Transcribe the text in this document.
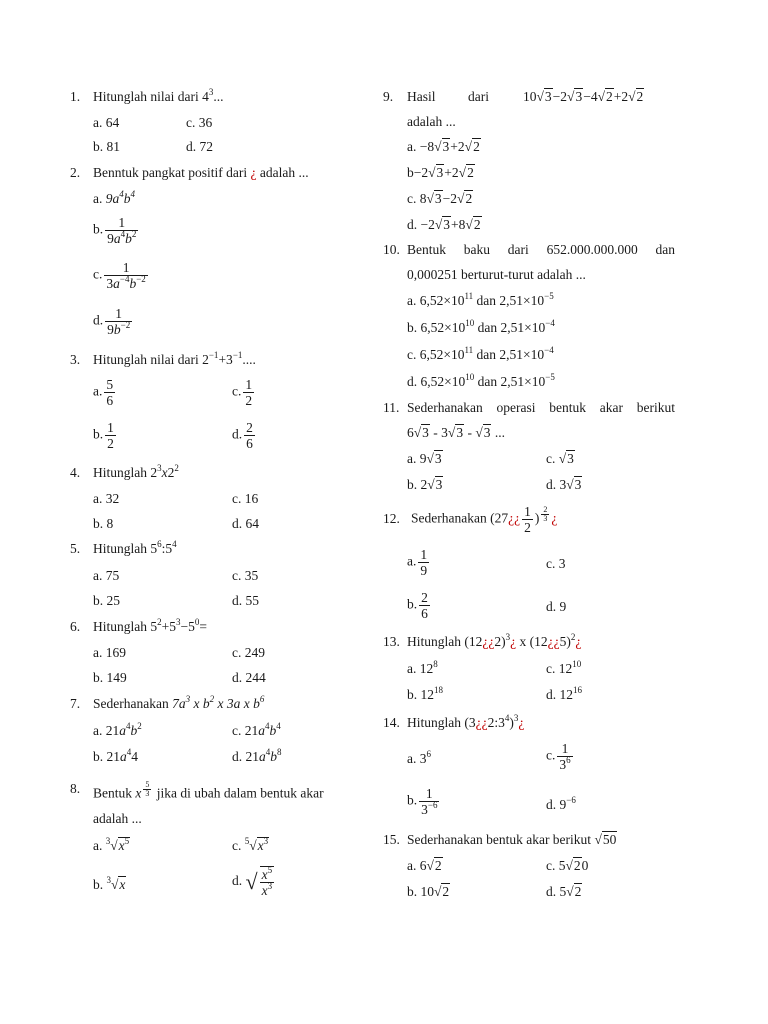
1. Hitunglah nilai dari $4^3$...
a. 64	c. 36
b. 81	d. 72
2. Benntuk pangkat positif dari ¿ adalah ...
a. $9a^4b^4$
b. $\frac{1}{9a^4b^2}$
c. $\frac{1}{3a^{-4}b^{-2}}$
d. $\frac{1}{9b^{-2}}$
3. Hitunglah nilai dari $2^{-1}+3^{-1}$....
a. $\frac{5}{6}$	c. $\frac{1}{2}$
b. $\frac{1}{2}$	d. $\frac{2}{6}$
4. Hitunglah $2^3x2^2$
a. 32	c. 16
b. 8	d. 64
5. Hitunglah $5^6:5^4$
a. 75	c. 35
b. 25	d. 55
6. Hitunglah $5^2+5^3-5^0=$
a. 169	c. 249
b. 149	d. 244
7. Sederhanakan $7a^3$ x $b^2$ x 3a x $b^6$
a. $21a^4b^2$	c. $21a^4b^4$
b. $21a^44$	d. $21a^4b^8$
8. Bentuk x $^{\frac{5}{3}}$ jika di ubah dalam bentuk akar
adalah ...
a. $^3√x^5$	c. $^5√x^3$
b. $^3$√x	d. √ $\frac{x^5}{x^3}$
9. Hasil dari	10√3−2√3−4√2+2√2
adalah ...
a. −8√3+2√2
b−2√3+2√2
c. 8√3−2√2
d. −2√3+8√2
10. Bentuk baku dari 652.000.000.000 dan
0,000251 berturut-turut adalah ...
a. $6,52\times 10^{11}$ dan $2,51\times 10^{-5}$
b. $6,52\times 10^{10}$ dan $2,51\times 10^{-4}$
c. $6,52\times 10^{11}$ dan $2,51\times 10^{-4}$
d. $6,52\times 10^{10}$ dan $2,51\times 10^{-5}$
11. Sederhanakan operasi bentuk akar berikut
6√3 - 3√3 - √3 ...
a. 9√3	c. √3
b. 2√3	d. 3√3
12. Sederhanakan (27¿¿ $\frac{1}{2}$ ) $^{\frac{2}{3}}$ ¿
a. $\frac{1}{9}$	c. 3
b. $\frac{2}{6}$	d. 9
13. Hitunglah (12¿¿2)$^3$¿ x (12¿¿5)$^2$¿
a. $12^8$	c. $12^{10}$
b. $12^{18}$	d. $12^{16}$
14. Hitunglah $(3¿¿2:3^4)^3¿$
a. $3^6$	c. $\frac{1}{3^6}$
b. $\frac{1}{3^{-6}}$	d. $9^{-6}$
15. Sederhanakan bentuk akar berikut √50
a. 6√2	c. 5√20
b. 10√2	d. 5√2
